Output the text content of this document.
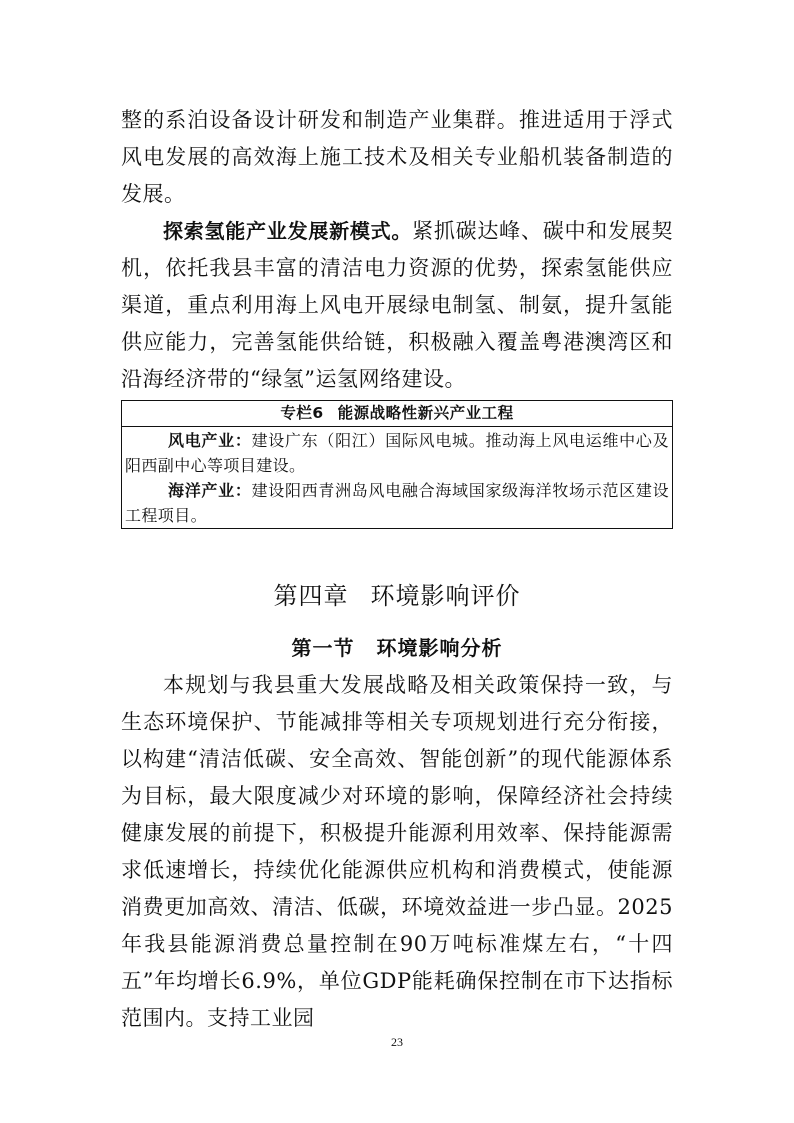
整的系泊设备设计研发和制造产业集群。推进适用于浮式风电发展的高效海上施工技术及相关专业船机装备制造的发展。

探索氢能产业发展新模式。紧抓碳达峰、碳中和发展契机，依托我县丰富的清洁电力资源的优势，探索氢能供应渠道，重点利用海上风电开展绿电制氢、制氨，提升氢能供应能力，完善氢能供给链，积极融入覆盖粤港澳湾区和沿海经济带的“绿氢”运氢网络建设。

专栏6 能源战略性新兴产业工程
风电产业：建设广东（阳江）国际风电城。推动海上风电运维中心及阳西副中心等项目建设。
海洋产业：建设阳西青洲岛风电融合海域国家级海洋牧场示范区建设工程项目。
第四章 环境影响评价
第一节 环境影响分析

本规划与我县重大发展战略及相关政策保持一致，与生态环境保护、节能减排等相关专项规划进行充分衔接，以构建“清洁低碳、安全高效、智能创新”的现代能源体系为目标，最大限度减少对环境的影响，保障经济社会持续健康发展的前提下，积极提升能源利用效率、保持能源需求低速增长，持续优化能源供应机构和消费模式，使能源消费更加高效、清洁、低碳，环境效益进一步凸显。2025年我县能源消费总量控制在90万吨标准煤左右，“十四五”年均增长6.9%，单位GDP能耗确保控制在市下达指标范围内。支持工业园

23
